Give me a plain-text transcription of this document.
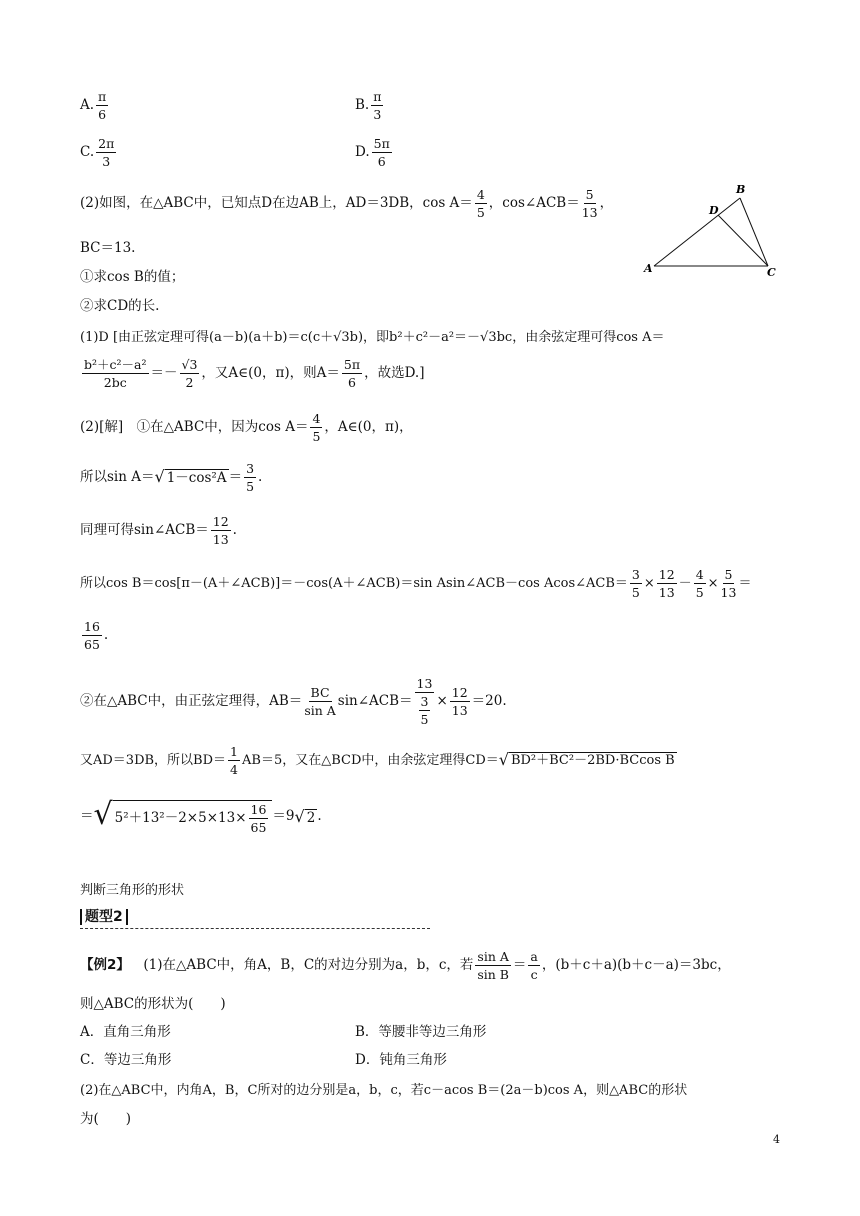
A. $\frac{\pi}{6}$	B. $\frac{\pi}{3}$
C. $\frac{2\pi}{3}$	D. $\frac{5\pi}{6}$
(2)如图，在△ABC中，已知点D在边AB上，AD＝3DB，$\cos A= \frac{4}{5}$ ，cos∠ACB＝ $\frac{5}{13}$ ，
BC＝13.
①求cos B的值；
②求CD的长.
A
B
C
D
(1)D [由正弦定理可得(a－b)(a＋b)＝c(c＋√3b)，即b²＋c²－a²＝－√3bc，由余弦定理可得cos A＝
$\frac{\text{b²＋c²－a²}}{2bc} =- \frac{√3}{2}$ ，又A∈(0，π)，则$A= \frac{5\pi}{6}$ ，故选D.]
(2)[解]　①在△ABC中，因为$\cos A= \frac{4}{5}$ ，A∈(0，π)，
所以sin A＝ √ $1-\cos^2A = \frac{3}{5}$ .
同理可得sin∠ACB＝ $\frac{12}{13}$ .
所以cos B＝cos[π－(A＋∠ACB)]＝－cos(A＋∠ACB)＝sin Asin∠ACB－cos Acos∠ACB＝ $\frac{3}{5} \times \frac{12}{13} - \frac{4}{5} \times \frac{5}{13}$ ＝
$\frac{16}{65}$ .
②在△ABC中，由正弦定理得，$AB= \frac{BC}{\text{sin A}}$ sin∠ACB＝ $\frac{13}{\frac{3}{5}} \times \frac{12}{13} =20$.
又AD＝3DB，所以$BD= \frac{1}{4} AB=5$，又在△BCD中，由余弦定理得CD＝ √ BD²＋BC²－2BD·BCcos B
＝ √ $5^2+13^2-2\times 5\times 13\times \frac{16}{65} =9$ √ 2 .
判断三角形的形状
题型2
【例2】 　(1)在△ABC中，角A，B，C的对边分别为a，b，c，若 $\frac{\text{sin A}}{\text{sin B}} = \frac{a}{c}$ ，(b＋c＋a)(b＋c－a)＝3bc，
则△ABC的形状为(　　)
A．直角三角形	B．等腰非等边三角形
C．等边三角形	D．钝角三角形
(2)在△ABC中，内角A，B，C所对的边分别是a，b，c，若c－acos B＝(2a－b)cos A，则△ABC的形状
为(　　)
4
